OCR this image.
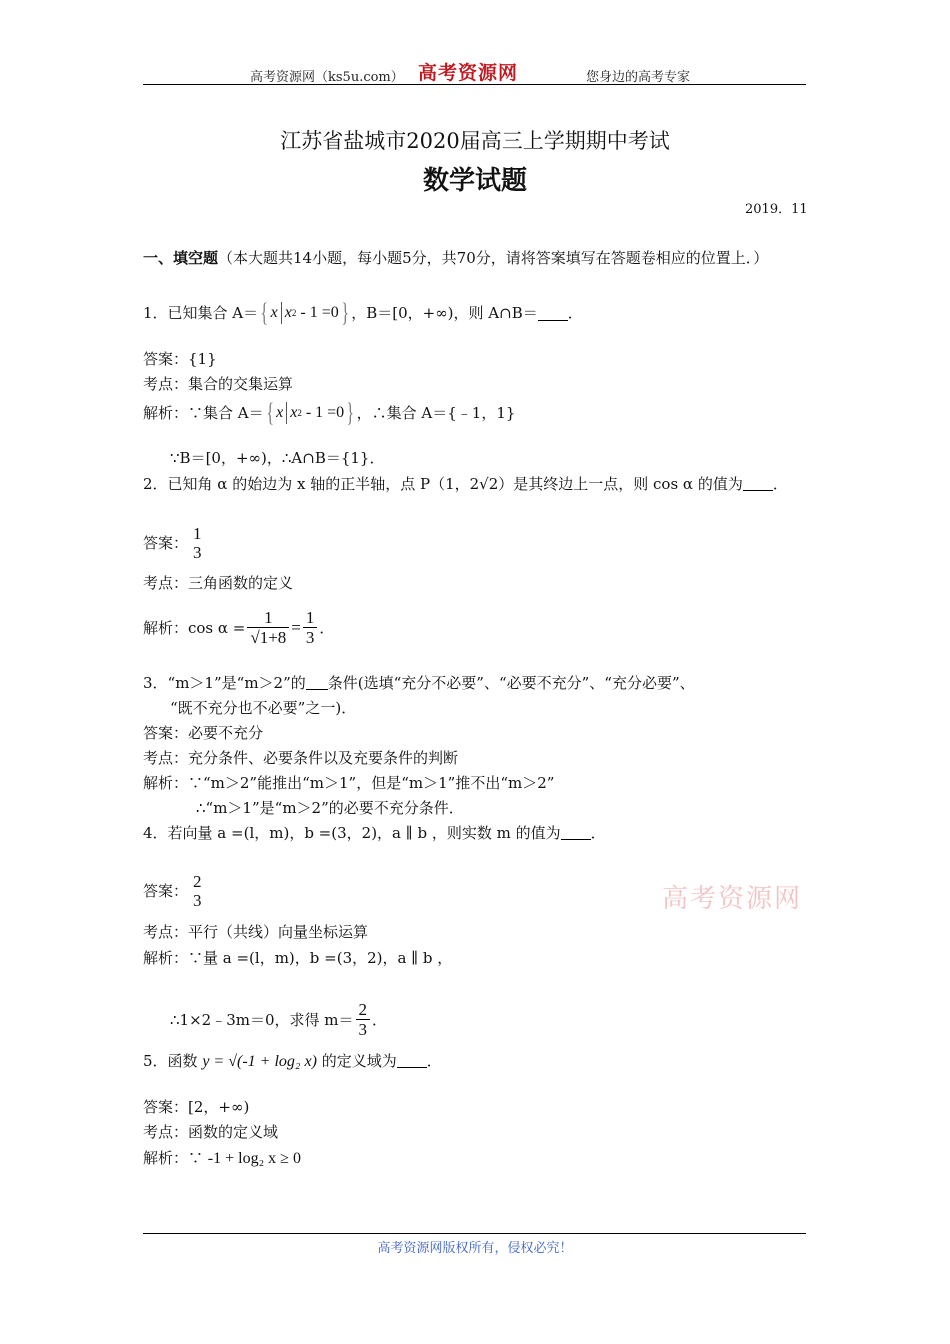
高考资源网（ks5u.com） 高考资源网	您身边的高考专家
江苏省盐城市2020届高三上学期期中考试
数学试题
2019．11
一、填空题（本大题共14小题，每小题5分，共70分，请将答案填写在答题卷相应的位置上．）
1．已知集合 A＝ { x x 2 - 1 =0 } ，B＝[0，+∞)，则 A∩B＝ ．
答案：{1}
考点：集合的交集运算
解析：∵集合 A＝ { x x 2 - 1 =0 } ，∴集合 A＝{﹣1，1}
∵B＝[0，+∞)，∴A∩B＝{1}．
2．已知角 α 的始边为 x 轴的正半轴，点 P（1，2√2）是其终边上一点，则 cos α 的值为 ．
答案： 1
3
考点：三角函数的定义
解析：$\cos \alpha = \frac{1}{√1+8} = \frac{1}{3}$ ．
3．“m＞1”是“m＞2”的 条件(选填“充分不必要”、“必要不充分”、“充分必要”、
“既不充分也不必要”之一)．
答案：必要不充分
考点：充分条件、必要条件以及充要条件的判断
解析：∵“m＞2”能推出“m＞1”，但是“m＞1”推不出“m＞2”
∴“m＞1”是“m＞2”的必要不充分条件．
4．若向量 a =(l，m)，b =(3，2)，a ∥ b ，则实数 m 的值为 ．
答案： 2
3	高考资源网
考点：平行（共线）向量坐标运算
解析：∵量 a =(l，m)，b =(3，2)，a ∥ b ，
∴1×2﹣3m＝0，求得 $m= \frac{2}{3}$ ．
5．函数 y = √(-1 + log₂ x) 的定义域为 ．
答案：[2，+∞)
考点：函数的定义域
解析：∵ -1 + log₂ x ≥ 0
高考资源网版权所有，侵权必究！
